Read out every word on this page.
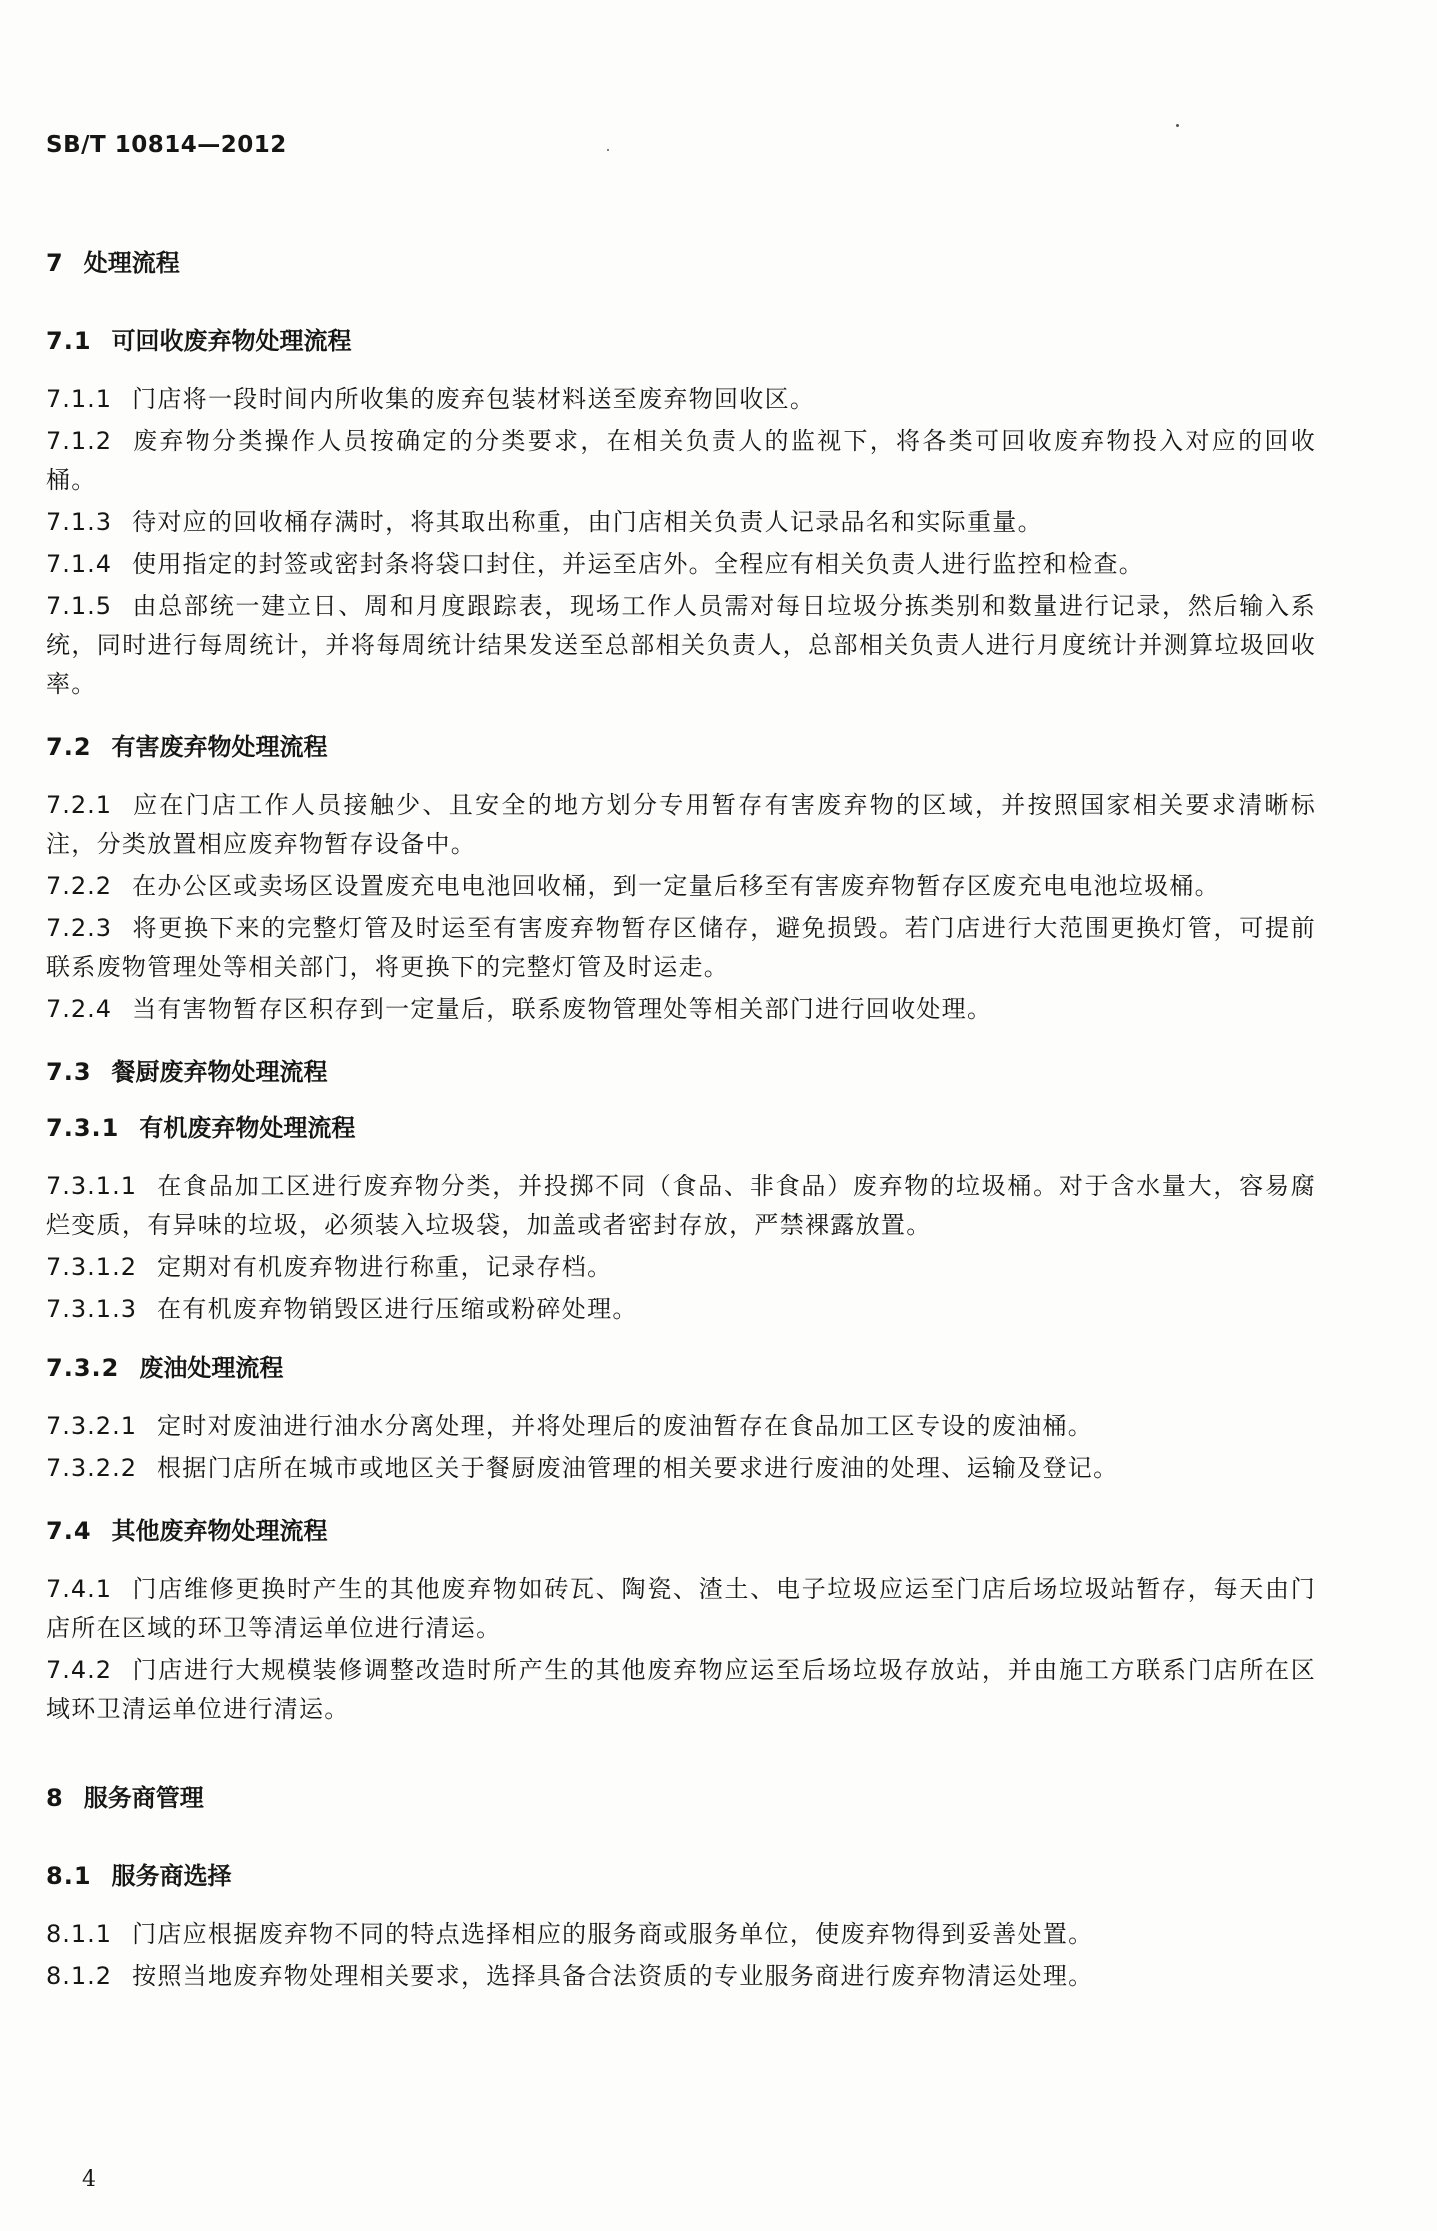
SB/T 10814—2012
7 处理流程
7.1 可回收废弃物处理流程

7.1.1 门店将一段时间内所收集的废弃包装材料送至废弃物回收区。

7.1.2 废弃物分类操作人员按确定的分类要求，在相关负责人的监视下，将各类可回收废弃物投入对应的回收桶。

7.1.3 待对应的回收桶存满时，将其取出称重，由门店相关负责人记录品名和实际重量。

7.1.4 使用指定的封签或密封条将袋口封住，并运至店外。全程应有相关负责人进行监控和检查。

7.1.5 由总部统一建立日、周和月度跟踪表，现场工作人员需对每日垃圾分拣类别和数量进行记录，然后输入系统，同时进行每周统计，并将每周统计结果发送至总部相关负责人，总部相关负责人进行月度统计并测算垃圾回收率。

7.2 有害废弃物处理流程

7.2.1 应在门店工作人员接触少、且安全的地方划分专用暂存有害废弃物的区域，并按照国家相关要求清晰标注，分类放置相应废弃物暂存设备中。

7.2.2 在办公区或卖场区设置废充电电池回收桶，到一定量后移至有害废弃物暂存区废充电电池垃圾桶。

7.2.3 将更换下来的完整灯管及时运至有害废弃物暂存区储存，避免损毁。若门店进行大范围更换灯管，可提前联系废物管理处等相关部门，将更换下的完整灯管及时运走。

7.2.4 当有害物暂存区积存到一定量后，联系废物管理处等相关部门进行回收处理。

7.3 餐厨废弃物处理流程
7.3.1 有机废弃物处理流程

7.3.1.1 在食品加工区进行废弃物分类，并投掷不同（食品、非食品）废弃物的垃圾桶。对于含水量大，容易腐烂变质，有异味的垃圾，必须装入垃圾袋，加盖或者密封存放，严禁裸露放置。

7.3.1.2 定期对有机废弃物进行称重，记录存档。

7.3.1.3 在有机废弃物销毁区进行压缩或粉碎处理。

7.3.2 废油处理流程

7.3.2.1 定时对废油进行油水分离处理，并将处理后的废油暂存在食品加工区专设的废油桶。

7.3.2.2 根据门店所在城市或地区关于餐厨废油管理的相关要求进行废油的处理、运输及登记。

7.4 其他废弃物处理流程

7.4.1 门店维修更换时产生的其他废弃物如砖瓦、陶瓷、渣土、电子垃圾应运至门店后场垃圾站暂存，每天由门店所在区域的环卫等清运单位进行清运。

7.4.2 门店进行大规模装修调整改造时所产生的其他废弃物应运至后场垃圾存放站，并由施工方联系门店所在区域环卫清运单位进行清运。

8 服务商管理
8.1 服务商选择

8.1.1 门店应根据废弃物不同的特点选择相应的服务商或服务单位，使废弃物得到妥善处置。

8.1.2 按照当地废弃物处理相关要求，选择具备合法资质的专业服务商进行废弃物清运处理。

4
